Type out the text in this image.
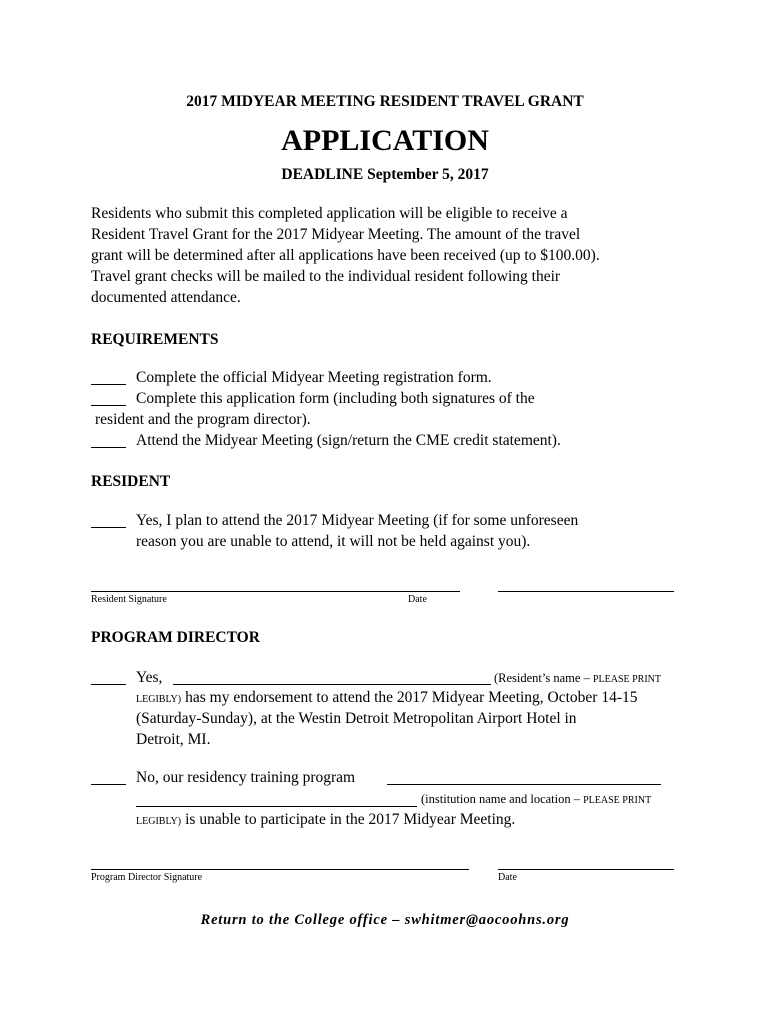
2017 MIDYEAR MEETING RESIDENT TRAVEL GRANT
APPLICATION
DEADLINE September 5, 2017
Residents who submit this completed application will be eligible to receive a
Resident Travel Grant for the 2017 Midyear Meeting. The amount of the travel
grant will be determined after all applications have been received (up to $100.00).
Travel grant checks will be mailed to the individual resident following their
documented attendance.
REQUIREMENTS
Complete the official Midyear Meeting registration form.
Complete this application form (including both signatures of the
resident and the program director).
Attend the Midyear Meeting (sign/return the CME credit statement).
RESIDENT
Yes, I plan to attend the 2017 Midyear Meeting (if for some unforeseen
reason you are unable to attend, it will not be held against you).
Resident Signature	Date
PROGRAM DIRECTOR
Yes,	(Resident’s name – PLEASE PRINT
LEGIBLY) has my endorsement to attend the 2017 Midyear Meeting, October 14-15
(Saturday-Sunday), at the Westin Detroit Metropolitan Airport Hotel in
Detroit, MI.
No, our residency training program
(institution name and location – PLEASE PRINT
LEGIBLY) is unable to participate in the 2017 Midyear Meeting.
Program Director Signature	Date
Return to the College office – swhitmer@aocoohns.org
